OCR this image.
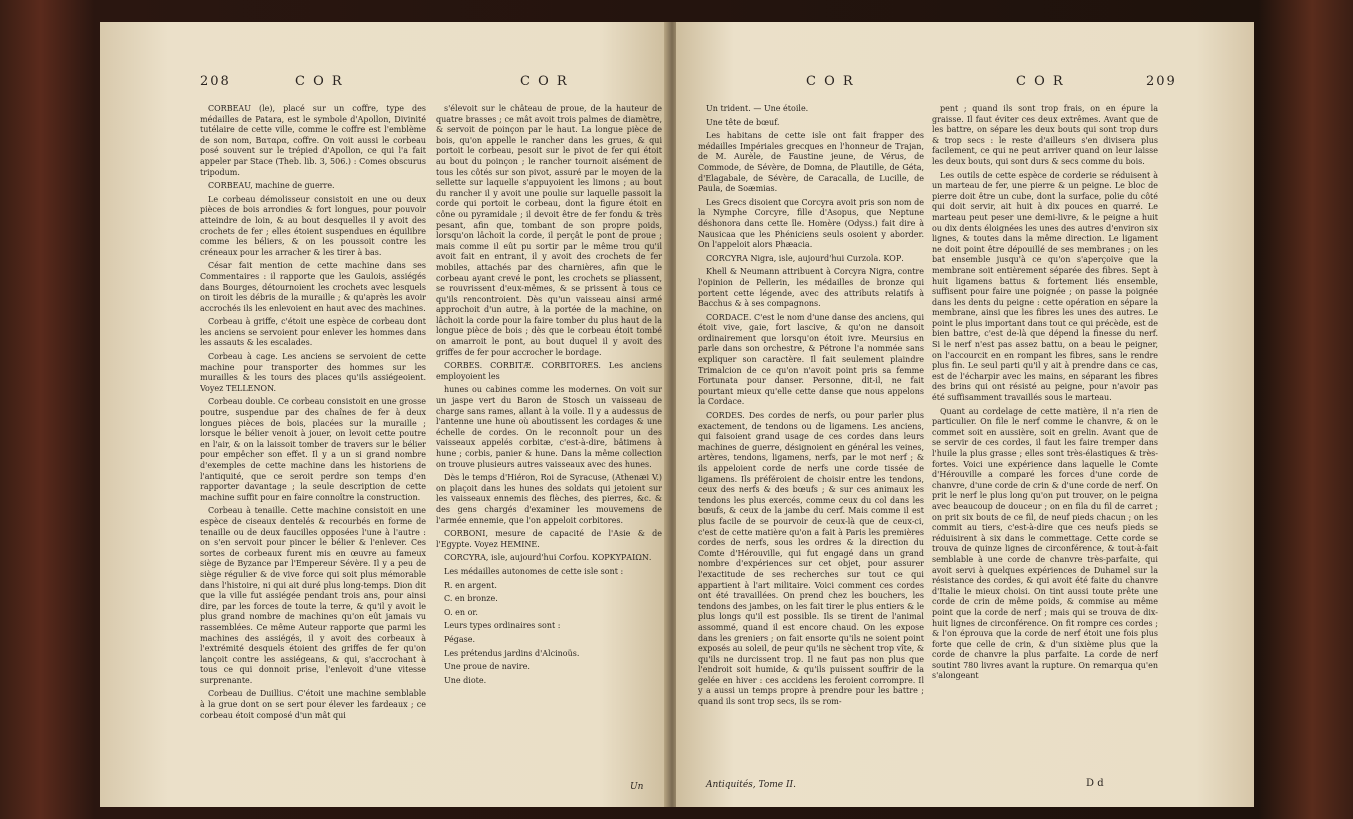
208	C O R	C O R

CORBEAU (le), placé sur un coffre, type des médailles de Patara, est le symbole d'Apollon, Divinité tutélaire de cette ville, comme le coffre est l'emblème de son nom, Βαταρα, coffre. On voit aussi le corbeau posé souvent sur le trépied d'Apollon, ce qui l'a fait appeler par Stace (Theb. lib. 3, 506.) : Comes obscurus tripodum.

CORBEAU, machine de guerre.

Le corbeau démolisseur consistoit en une ou deux pièces de bois arrondies & fort longues, pour pouvoir atteindre de loin, & au bout desquelles il y avoit des crochets de fer ; elles étoient suspendues en équilibre comme les béliers, & on les poussoit contre les créneaux pour les arracher & les tirer à bas.

César fait mention de cette machine dans ses Commentaires : il rapporte que les Gaulois, assiégés dans Bourges, détournoient les crochets avec lesquels on tiroit les débris de la muraille ; & qu'après les avoir accrochés ils les enlevoient en haut avec des machines.

Corbeau à griffe, c'étoit une espèce de corbeau dont les anciens se servoient pour enlever les hommes dans les assauts & les escalades.

Corbeau à cage. Les anciens se servoient de cette machine pour transporter des hommes sur les murailles & les tours des places qu'ils assiégeoient. Voyez TELLENON.

Corbeau double. Ce corbeau consistoit en une grosse poutre, suspendue par des chaînes de fer à deux longues pièces de bois, placées sur la muraille ; lorsque le bélier venoit à jouer, on levoit cette poutre en l'air, & on la laissoit tomber de travers sur le bélier pour empêcher son effet. Il y a un si grand nombre d'exemples de cette machine dans les historiens de l'antiquité, que ce seroit perdre son temps d'en rapporter davantage ; la seule description de cette machine suffit pour en faire connoître la construction.

Corbeau à tenaille. Cette machine consistoit en une espèce de ciseaux dentelés & recourbés en forme de tenaille ou de deux faucilles opposées l'une à l'autre : on s'en servoit pour pincer le bélier & l'enlever. Ces sortes de corbeaux furent mis en œuvre au fameux siège de Byzance par l'Empereur Sévère. Il y a peu de siège régulier & de vive force qui soit plus mémorable dans l'histoire, ni qui ait duré plus long-temps. Dion dit que la ville fut assiégée pendant trois ans, pour ainsi dire, par les forces de toute la terre, & qu'il y avoit le plus grand nombre de machines qu'on eût jamais vu rassemblées. Ce même Auteur rapporte que parmi les machines des assiégés, il y avoit des corbeaux à l'extrémité desquels étoient des griffes de fer qu'on lançoit contre les assiégeans, & qui, s'accrochant à tous ce qui donnoit prise, l'enlevoit d'une vitesse surprenante.

Corbeau de Duillius. C'étoit une machine semblable à la grue dont on se sert pour élever les fardeaux ; ce corbeau étoit composé d'un mât qui

s'élevoit sur le château de proue, de la hauteur de quatre brasses ; ce mât avoit trois palmes de diamètre, & servoit de poinçon par le haut. La longue pièce de bois, qu'on appelle le rancher dans les grues, & qui portoit le corbeau, pesoit sur le pivot de fer qui étoit au bout du poinçon ; le rancher tournoit aisément de tous les côtés sur son pivot, assuré par le moyen de la sellette sur laquelle s'appuyoient les limons ; au bout du rancher il y avoit une poulie sur laquelle passoit la corde qui portoit le corbeau, dont la figure étoit en cône ou pyramidale ; il devoit être de fer fondu & très pesant, afin que, tombant de son propre poids, lorsqu'on lâchoit la corde, il perçât le pont de proue ; mais comme il eût pu sortir par le même trou qu'il avoit fait en entrant, il y avoit des crochets de fer mobiles, attachés par des charnières, afin que le corbeau ayant crevé le pont, les crochets se pliassent, se rouvrissent d'eux-mêmes, & se prissent à tous ce qu'ils rencontroient. Dès qu'un vaisseau ainsi armé approchoit d'un autre, à la portée de la machine, on lâchoit la corde pour la faire tomber du plus haut de la longue pièce de bois ; dès que le corbeau étoit tombé on amarroit le pont, au bout duquel il y avoit des griffes de fer pour accrocher le bordage.

CORBES. CORBITÆ. CORBITORES. Les anciens employoient les

hunes ou cabines comme les modernes. On voit sur un jaspe vert du Baron de Stosch un vaisseau de charge sans rames, allant à la voile. Il y a audessus de l'antenne une hune où aboutissent les cordages & une échelle de cordes. On le reconnoît pour un des vaisseaux appelés corbitæ, c'est-à-dire, bâtimens à hune ; corbis, panier & hune. Dans la même collection on trouve plusieurs autres vaisseaux avec des hunes.

Dès le temps d'Hiéron, Roi de Syracuse, (Athenæi V.) on plaçoit dans les hunes des soldats qui jetoient sur les vaisseaux ennemis des flèches, des pierres, &c. & des gens chargés d'examiner les mouvemens de l'armée ennemie, que l'on appeloit corbitores.

CORBONI, mesure de capacité de l'Asie & de l'Egypte. Voyez HEMINE.

CORCYRA, isle, aujourd'hui Corfou. ΚΟΡΚΥΡΑΙΩΝ.

Les médailles autonomes de cette isle sont :

R. en argent.

C. en bronze.

O. en or.

Leurs types ordinaires sont :

Pégase.

Les prétendus jardins d'Alcinoüs.

Une proue de navire.

Une diote.

Un
C O R	C O R	209

Un trident. — Une étoile.

Une tête de bœuf.

Les habitans de cette isle ont fait frapper des médailles Impériales grecques en l'honneur de Trajan, de M. Aurèle, de Faustine jeune, de Vérus, de Commode, de Sévère, de Domna, de Plautille, de Géta, d'Elagabale, de Sévère, de Caracalla, de Lucille, de Paula, de Soæmias.

Les Grecs disoient que Corcyra avoit pris son nom de la Nymphe Corcyre, fille d'Asopus, que Neptune déshonora dans cette île. Homère (Odyss.) fait dire à Nausicaa que les Phéniciens seuls osoient y aborder. On l'appeloit alors Phæacia.

CORCYRA Nigra, isle, aujourd'hui Curzola. ΚΟΡ.

Khell & Neumann attribuent à Corcyra Nigra, contre l'opinion de Pellerin, les médailles de bronze qui portent cette légende, avec des attributs relatifs à Bacchus & à ses compagnons.

CORDACE. C'est le nom d'une danse des anciens, qui étoit vive, gaie, fort lascive, & qu'on ne dansoit ordinairement que lorsqu'on étoit ivre. Meursius en parle dans son orchestre, & Pétrone l'a nommée sans expliquer son caractère. Il fait seulement plaindre Trimalcion de ce qu'on n'avoit point pris sa femme Fortunata pour danser. Personne, dit-il, ne fait pourtant mieux qu'elle cette danse que nous appelons la Cordace.

CORDES. Des cordes de nerfs, ou pour parler plus exactement, de tendons ou de ligamens. Les anciens, qui faisoient grand usage de ces cordes dans leurs machines de guerre, désignoient en général les veines, artères, tendons, ligamens, nerfs, par le mot nerf ; & ils appeloient corde de nerfs une corde tissée de ligamens. Ils préféroient de choisir entre les tendons, ceux des nerfs & des bœufs ; & sur ces animaux les tendons les plus exercés, comme ceux du col dans les bœufs, & ceux de la jambe du cerf. Mais comme il est plus facile de se pourvoir de ceux-là que de ceux-ci, c'est de cette matière qu'on a fait à Paris les premières cordes de nerfs, sous les ordres & la direction du Comte d'Hérouville, qui fut engagé dans un grand nombre d'expériences sur cet objet, pour assurer l'exactitude de ses recherches sur tout ce qui appartient à l'art militaire. Voici comment ces cordes ont été travaillées. On prend chez les bouchers, les tendons des jambes, on les fait tirer le plus entiers & le plus longs qu'il est possible. Ils se tirent de l'animal assommé, quand il est encore chaud. On les expose dans les greniers ; on fait ensorte qu'ils ne soient point exposés au soleil, de peur qu'ils ne sèchent trop vîte, & qu'ils ne durcissent trop. Il ne faut pas non plus que l'endroit soit humide, & qu'ils puissent souffrir de la gelée en hiver : ces accidens les feroient corrompre. Il y a aussi un temps propre à prendre pour les battre ; quand ils sont trop secs, ils se rom-

pent ; quand ils sont trop frais, on en épure la graisse. Il faut éviter ces deux extrêmes. Avant que de les battre, on sépare les deux bouts qui sont trop durs & trop secs : le reste d'ailleurs s'en divisera plus facilement, ce qui ne peut arriver quand on leur laisse les deux bouts, qui sont durs & secs comme du bois.

Les outils de cette espèce de corderie se réduisent à un marteau de fer, une pierre & un peigne. Le bloc de pierre doit être un cube, dont la surface, polie du côté qui doit servir, ait huit à dix pouces en quarré. Le marteau peut peser une demi-livre, & le peigne a huit ou dix dents éloignées les unes des autres d'environ six lignes, & toutes dans la même direction. Le ligament ne doit point être dépouillé de ses membranes ; on les bat ensemble jusqu'à ce qu'on s'aperçoive que la membrane soit entièrement séparée des fibres. Sept à huit ligamens battus & fortement liés ensemble, suffisent pour faire une poignée ; on passe la poignée dans les dents du peigne : cette opération en sépare la membrane, ainsi que les fibres les unes des autres. Le point le plus important dans tout ce qui précède, est de bien battre, c'est de-là que dépend la finesse du nerf. Si le nerf n'est pas assez battu, on a beau le peigner, on l'accourcit en en rompant les fibres, sans le rendre plus fin. Le seul parti qu'il y ait à prendre dans ce cas, est de l'écharpir avec les mains, en séparant les fibres des brins qui ont résisté au peigne, pour n'avoir pas été suffisamment travaillés sous le marteau.

Quant au cordelage de cette matière, il n'a rien de particulier. On file le nerf comme le chanvre, & on le commet soit en aussière, soit en grelin. Avant que de se servir de ces cordes, il faut les faire tremper dans l'huile la plus grasse ; elles sont très-élastiques & très-fortes. Voici une expérience dans laquelle le Comte d'Hérouville a comparé les forces d'une corde de chanvre, d'une corde de crin & d'une corde de nerf. On prit le nerf le plus long qu'on put trouver, on le peigna avec beaucoup de douceur ; on en fila du fil de carret ; on prit six bouts de ce fil, de neuf pieds chacun ; on les commit au tiers, c'est-à-dire que ces neufs pieds se réduisirent à six dans le commettage. Cette corde se trouva de quinze lignes de circonférence, & tout-à-fait semblable à une corde de chanvre très-parfaite, qui avoit servi à quelques expériences de Duhamel sur la résistance des cordes, & qui avoit été faite du chanvre d'Italie le mieux choisi. On tint aussi toute prête une corde de crin de même poids, & commise au même point que la corde de nerf ; mais qui se trouva de dix-huit lignes de circonférence. On fit rompre ces cordes ; & l'on éprouva que la corde de nerf étoit une fois plus forte que celle de crin, & d'un sixième plus que la corde de chanvre la plus parfaite. La corde de nerf soutint 780 livres avant la rupture. On remarqua qu'en s'alongeant

Antiquités, Tome II.	D d
